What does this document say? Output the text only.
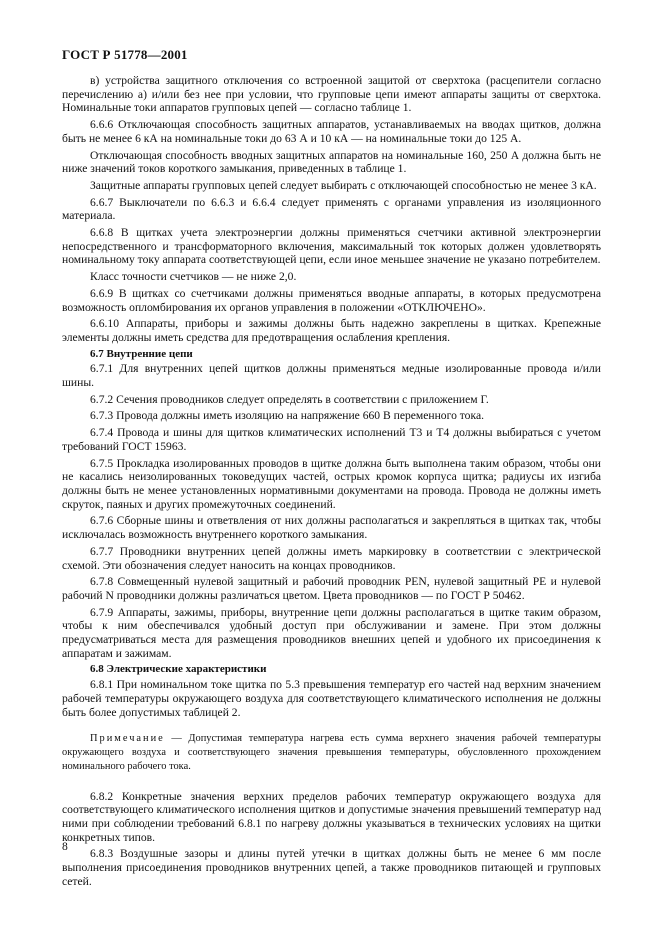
ГОСТ Р 51778—2001

в) устройства защитного отключения со встроенной защитой от сверхтока (расцепители согласно перечислению а) и/или без нее при условии, что групповые цепи имеют аппараты защиты от сверхтока. Номинальные токи аппаратов групповых цепей — согласно таблице 1.

6.6.6 Отключающая способность защитных аппаратов, устанавливаемых на вводах щитков, должна быть не менее 6 кА на номинальные токи до 63 А и 10 кА — на номинальные токи до 125 А.

Отключающая способность вводных защитных аппаратов на номинальные 160, 250 А должна быть не ниже значений токов короткого замыкания, приведенных в таблице 1.

Защитные аппараты групповых цепей следует выбирать с отключающей способностью не менее 3 кА.

6.6.7 Выключатели по 6.6.3 и 6.6.4 следует применять с органами управления из изоляционного материала.

6.6.8 В щитках учета электроэнергии должны применяться счетчики активной электроэнергии непосредственного и трансформаторного включения, максимальный ток которых должен удовлетворять номинальному току аппарата соответствующей цепи, если иное меньшее значение не указано потребителем.

Класс точности счетчиков — не ниже 2,0.

6.6.9 В щитках со счетчиками должны применяться вводные аппараты, в которых предусмотрена возможность опломбирования их органов управления в положении «ОТКЛЮЧЕНО».

6.6.10 Аппараты, приборы и зажимы должны быть надежно закреплены в щитках. Крепежные элементы должны иметь средства для предотвращения ослабления крепления.

6.7 Внутренние цепи

6.7.1 Для внутренних цепей щитков должны применяться медные изолированные провода и/или шины.

6.7.2 Сечения проводников следует определять в соответствии с приложением Г.

6.7.3 Провода должны иметь изоляцию на напряжение 660 В переменного тока.

6.7.4 Провода и шины для щитков климатических исполнений Т3 и Т4 должны выбираться с учетом требований ГОСТ 15963.

6.7.5 Прокладка изолированных проводов в щитке должна быть выполнена таким образом, чтобы они не касались неизолированных токоведущих частей, острых кромок корпуса щитка; радиусы их изгиба должны быть не менее установленных нормативными документами на провода. Провода не должны иметь скруток, паяных и других промежуточных соединений.

6.7.6 Сборные шины и ответвления от них должны располагаться и закрепляться в щитках так, чтобы исключалась возможность внутреннего короткого замыкания.

6.7.7 Проводники внутренних цепей должны иметь маркировку в соответствии с электрической схемой. Эти обозначения следует наносить на концах проводников.

6.7.8 Совмещенный нулевой защитный и рабочий проводник PEN, нулевой защитный РЕ и нулевой рабочий N проводники должны различаться цветом. Цвета проводников — по ГОСТ Р 50462.

6.7.9 Аппараты, зажимы, приборы, внутренние цепи должны располагаться в щитке таким образом, чтобы к ним обеспечивался удобный доступ при обслуживании и замене. При этом должны предусматриваться места для размещения проводников внешних цепей и удобного их присоединения к аппаратам и зажимам.

6.8 Электрические характеристики

6.8.1 При номинальном токе щитка по 5.3 превышения температур его частей над верхним значением рабочей температуры окружающего воздуха для соответствующего климатического исполнения не должны быть более допустимых таблицей 2.

Примечание — Допустимая температура нагрева есть сумма верхнего значения рабочей температуры окружающего воздуха и соответствующего значения превышения температуры, обусловленного прохождением номинального рабочего тока.

6.8.2 Конкретные значения верхних пределов рабочих температур окружающего воздуха для соответствующего климатического исполнения щитков и допустимые значения превышений температур над ними при соблюдении требований 6.8.1 по нагреву должны указываться в технических условиях на щитки конкретных типов.

6.8.3 Воздушные зазоры и длины путей утечки в щитках должны быть не менее 6 мм после выполнения присоединения проводников внутренних цепей, а также проводников питающей и групповых сетей.

8
